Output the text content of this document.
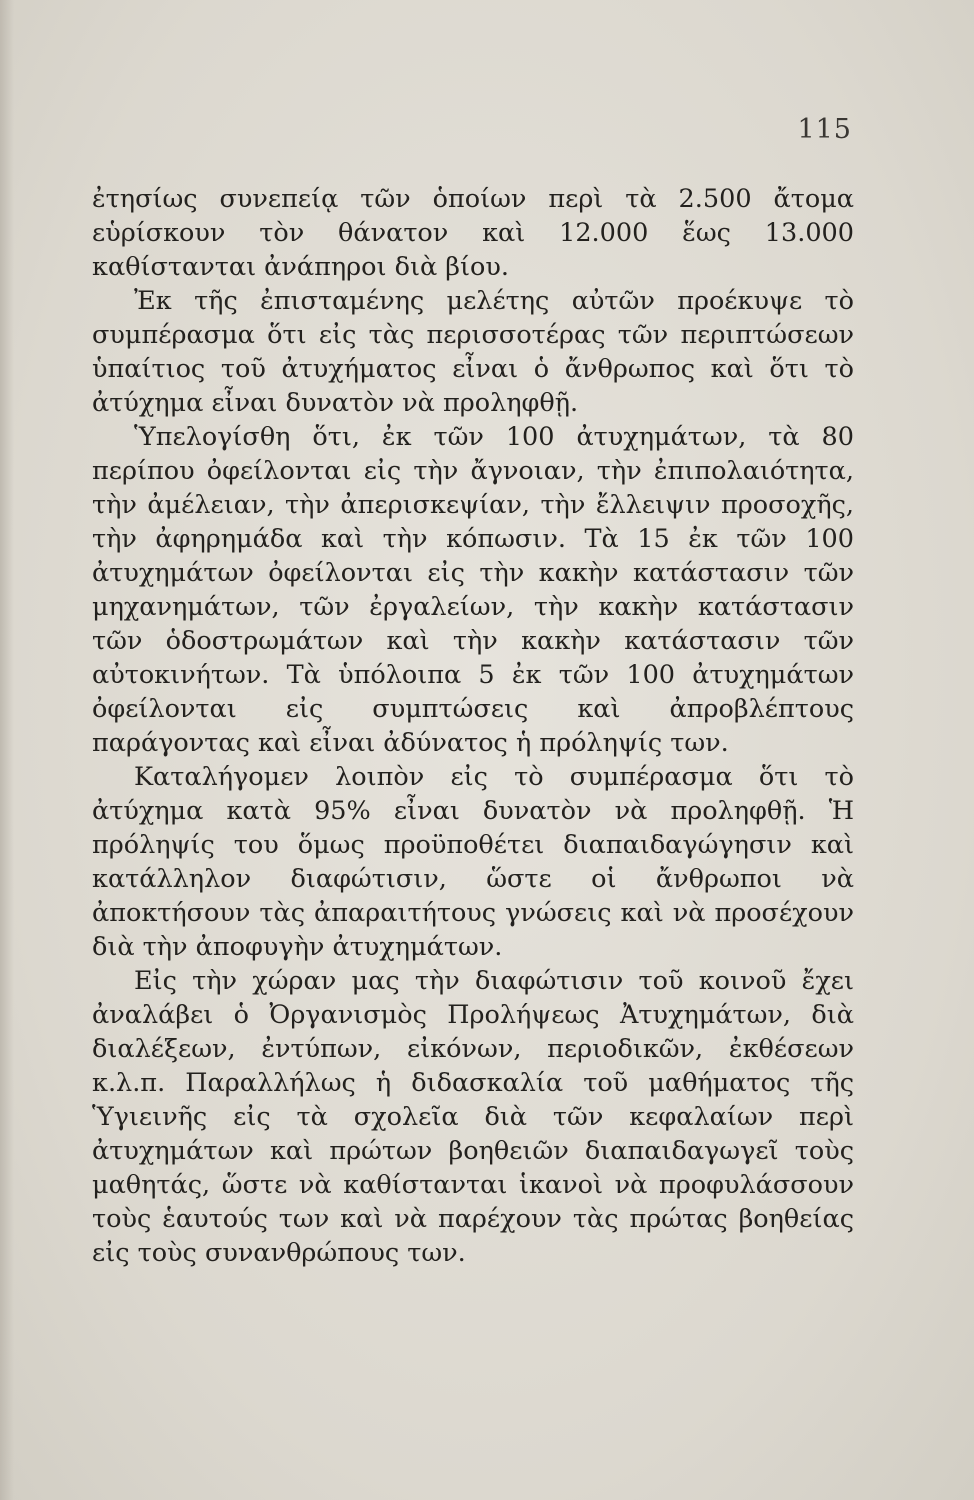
115

ἐτησίως συνεπείᾳ τῶν ὁποίων περὶ τὰ 2.500 ἄτομα εὑρίσκουν τὸν θάνατον καὶ 12.000 ἕως 13.000 καθίστανται ἀνάπηροι διὰ βίου.

Ἐκ τῆς ἐπισταμένης μελέτης αὐτῶν προέκυψε τὸ συμπέρασμα ὅτι εἰς τὰς περισσοτέρας τῶν περιπτώσεων ὑπαίτιος τοῦ ἀτυχήματος εἶναι ὁ ἄνθρωπος καὶ ὅτι τὸ ἀτύχημα εἶναι δυνατὸν νὰ προληφθῇ.

Ὑπελογίσθη ὅτι, ἐκ τῶν 100 ἀτυχημάτων, τὰ 80 περίπου ὀφείλονται εἰς τὴν ἄγνοιαν, τὴν ἐπιπολαιότητα, τὴν ἀμέλειαν, τὴν ἀπερισκεψίαν, τὴν ἔλλειψιν προσοχῆς, τὴν ἀφηρημάδα καὶ τὴν κόπωσιν. Τὰ 15 ἐκ τῶν 100 ἀτυχημάτων ὀφείλονται εἰς τὴν κακὴν κατάστασιν τῶν μηχανημάτων, τῶν ἐργαλείων, τὴν κακὴν κατάστασιν τῶν ὁδοστρωμάτων καὶ τὴν κακὴν κατάστασιν τῶν αὐτοκινήτων. Τὰ ὑπόλοιπα 5 ἐκ τῶν 100 ἀτυχημάτων ὀφείλονται εἰς συμπτώσεις καὶ ἀπροβλέπτους παράγοντας καὶ εἶναι ἀδύνατος ἡ πρόληψίς των.

Καταλήγομεν λοιπὸν εἰς τὸ συμπέρασμα ὅτι τὸ ἀτύχημα κατὰ 95% εἶναι δυνατὸν νὰ προληφθῇ. Ἡ πρόληψίς του ὅμως προϋποθέτει διαπαιδαγώγησιν καὶ κατάλληλον διαφώτισιν, ὥστε οἱ ἄνθρωποι νὰ ἀποκτήσουν τὰς ἀπαραιτήτους γνώσεις καὶ νὰ προσέχουν διὰ τὴν ἀποφυγὴν ἀτυχημάτων.

Εἰς τὴν χώραν μας τὴν διαφώτισιν τοῦ κοινοῦ ἔχει ἀναλάβει ὁ Ὀργανισμὸς Προλήψεως Ἀτυχημάτων, διὰ διαλέξεων, ἐντύπων, εἰκόνων, περιοδικῶν, ἐκθέσεων κ.λ.π. Παραλλήλως ἡ διδασκαλία τοῦ μαθήματος τῆς Ὑγιεινῆς εἰς τὰ σχολεῖα διὰ τῶν κεφαλαίων περὶ ἀτυχημάτων καὶ πρώτων βοηθειῶν διαπαιδαγωγεῖ τοὺς μαθητάς, ὥστε νὰ καθίστανται ἱκανοὶ νὰ προφυλάσσουν τοὺς ἑαυτούς των καὶ νὰ παρέχουν τὰς πρώτας βοηθείας εἰς τοὺς συνανθρώπους των.
